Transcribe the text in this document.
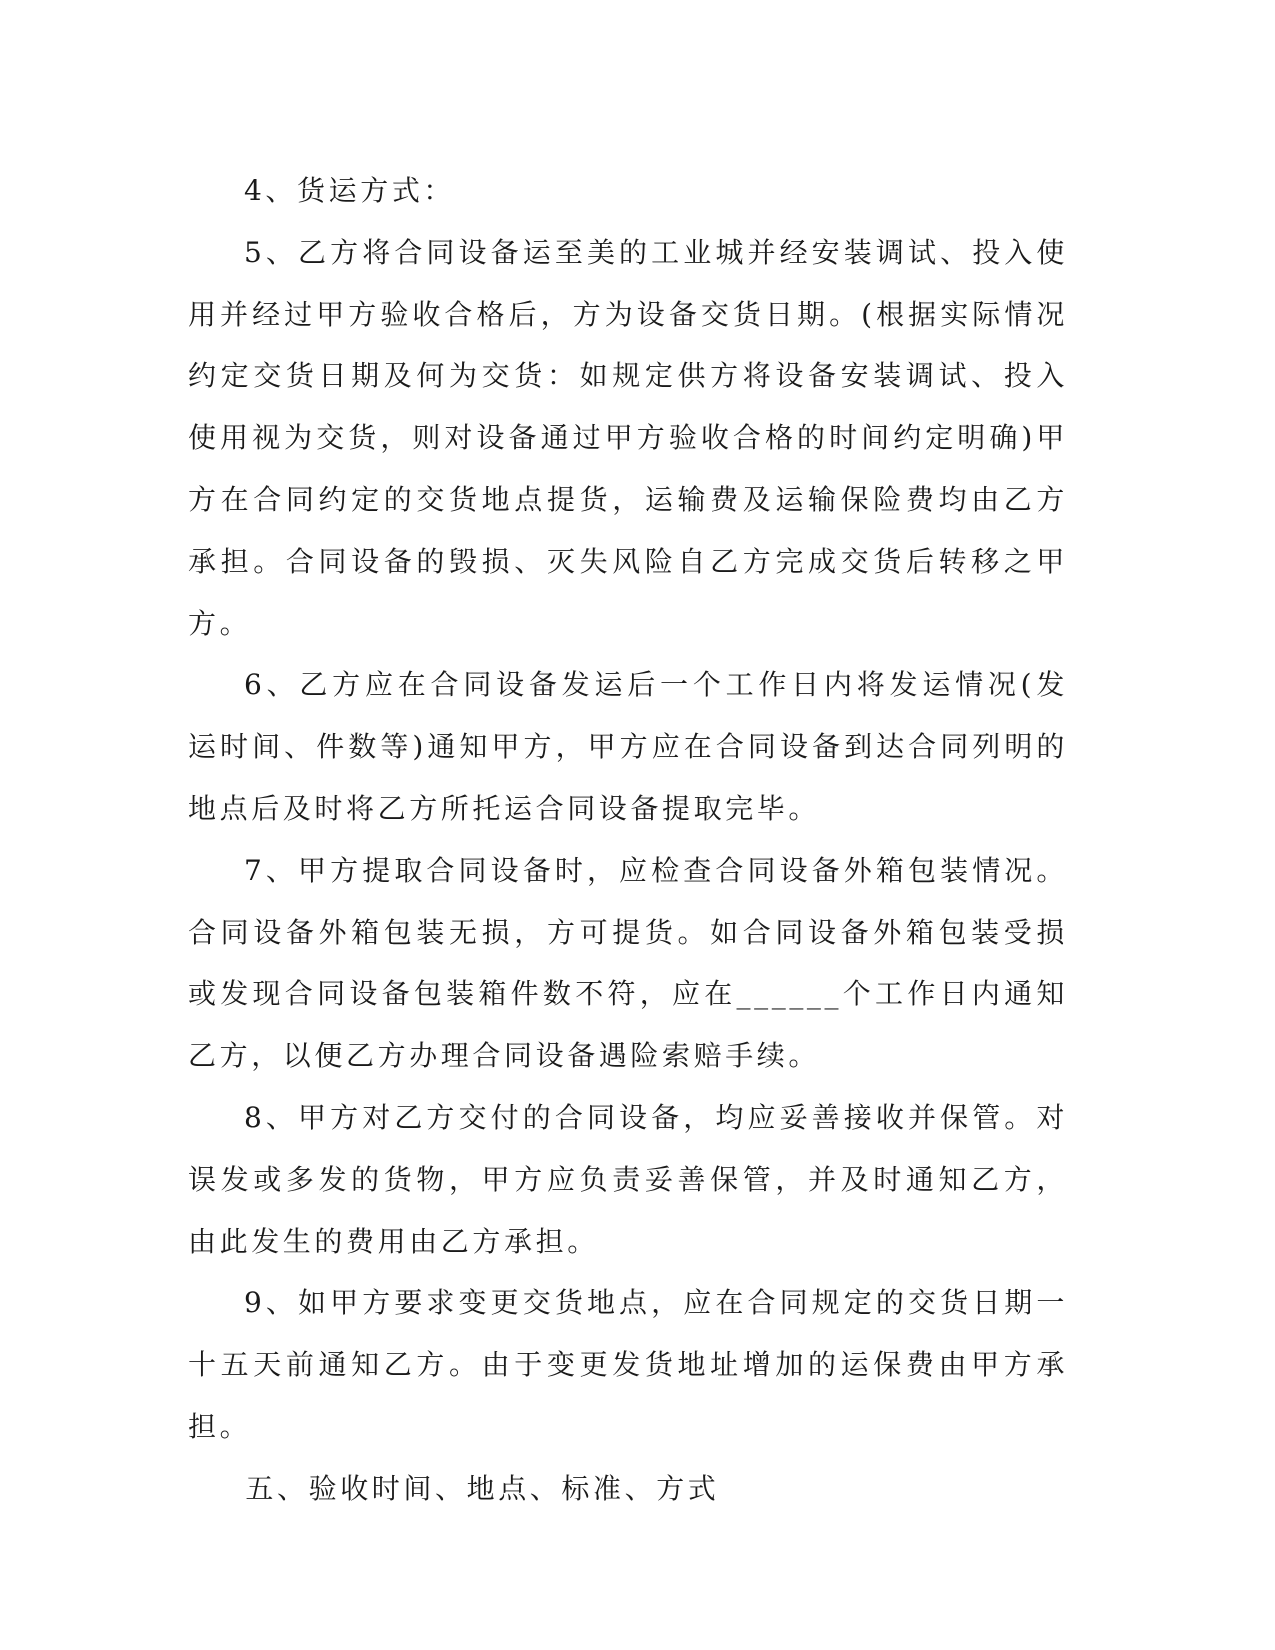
4、货运方式：

5、乙方将合同设备运至美的工业城并经安装调试、投入使用并经过甲方验收合格后，方为设备交货日期。(根据实际情况约定交货日期及何为交货：如规定供方将设备安装调试、投入使用视为交货，则对设备通过甲方验收合格的时间约定明确)甲方在合同约定的交货地点提货，运输费及运输保险费均由乙方承担。合同设备的毁损、灭失风险自乙方完成交货后转移之甲方。

6、乙方应在合同设备发运后一个工作日内将发运情况(发运时间、件数等)通知甲方，甲方应在合同设备到达合同列明的地点后及时将乙方所托运合同设备提取完毕。

7、甲方提取合同设备时，应检查合同设备外箱包装情况。合同设备外箱包装无损，方可提货。如合同设备外箱包装受损或发现合同设备包装箱件数不符，应在______个工作日内通知乙方，以便乙方办理合同设备遇险索赔手续。

8、甲方对乙方交付的合同设备，均应妥善接收并保管。对误发或多发的货物，甲方应负责妥善保管，并及时通知乙方，由此发生的费用由乙方承担。

9、如甲方要求变更交货地点，应在合同规定的交货日期一十五天前通知乙方。由于变更发货地址增加的运保费由甲方承担。

五、验收时间、地点、标准、方式
